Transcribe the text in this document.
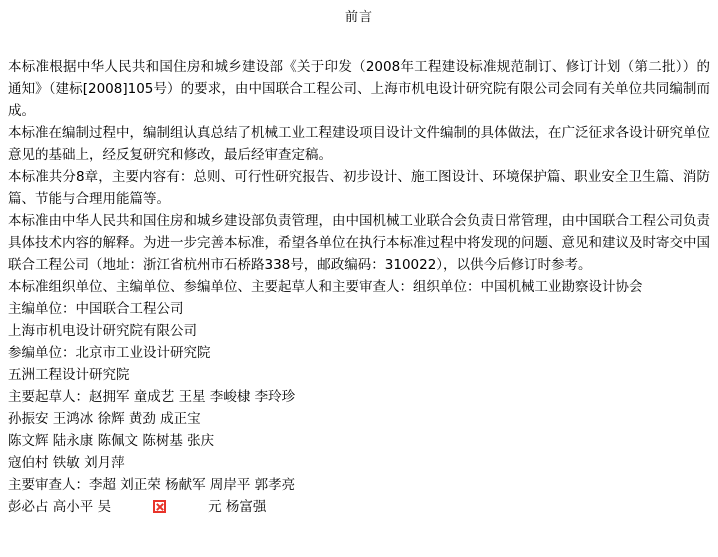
前言

本标准根据中华人民共和国住房和城乡建设部《关于印发（2008年工程建设标准规范制订、修订计划（第二批））的通知》（建标[2008]105号）的要求，由中国联合工程公司、上海市机电设计研究院有限公司会同有关单位共同编制而成。

本标准在编制过程中，编制组认真总结了机械工业工程建设项目设计文件编制的具体做法，在广泛征求各设计研究单位意见的基础上，经反复研究和修改，最后经审查定稿。

本标准共分8章，主要内容有：总则、可行性研究报告、初步设计、施工图设计、环境保护篇、职业安全卫生篇、消防篇、节能与合理用能篇等。

本标准由中华人民共和国住房和城乡建设部负责管理，由中国机械工业联合会负责日常管理，由中国联合工程公司负责具体技术内容的解释。为进一步完善本标准，希望各单位在执行本标准过程中将发现的问题、意见和建议及时寄交中国联合工程公司（地址：浙江省杭州市石桥路338号，邮政编码：310022），以供今后修订时参考。

本标准组织单位、主编单位、参编单位、主要起草人和主要审查人：组织单位：中国机械工业勘察设计协会

主编单位：中国联合工程公司

上海市机电设计研究院有限公司

参编单位：北京市工业设计研究院

五洲工程设计研究院

主要起草人：赵拥军 童成艺 王星 李峻棣 李玲珍

孙振安 王鸿冰 徐辉 黄劲 成正宝

陈文辉 陆永康 陈佩文 陈树基 张庆

寇伯村 铁敏 刘月萍

主要审查人：李超 刘正荣 杨献军 周岸平 郭孝亮

彭必占 高小平 吴	元 杨富强
